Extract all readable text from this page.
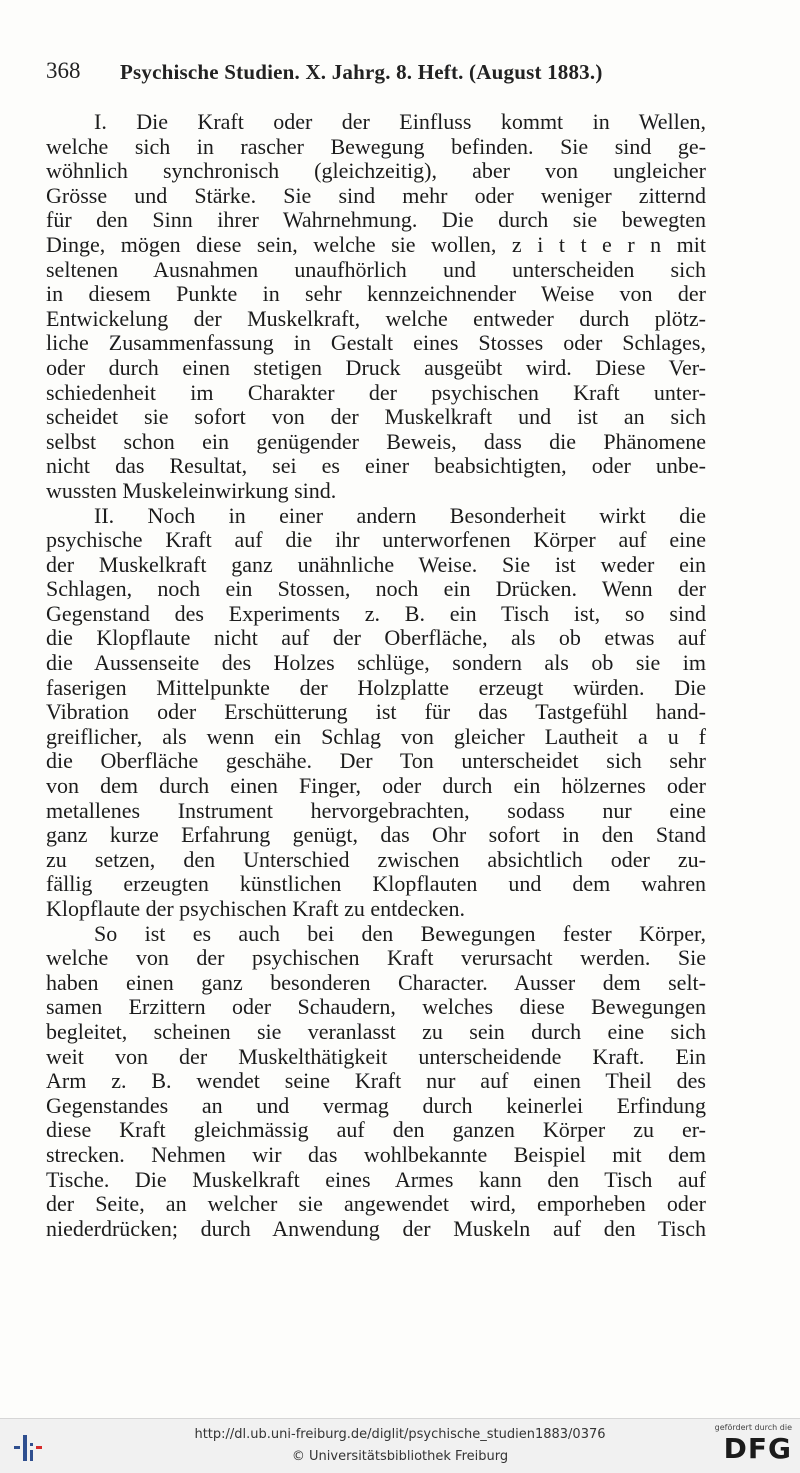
368 Psychische Studien. X. Jahrg. 8. Heft. (August 1883.)
I. Die Kraft oder der Einfluss kommt in Wellen,
welche sich in rascher Bewegung befinden. Sie sind ge-
wöhnlich synchronisch (gleichzeitig), aber von ungleicher
Grösse und Stärke. Sie sind mehr oder weniger zitternd
für den Sinn ihrer Wahrnehmung. Die durch sie bewegten
Dinge, mögen diese sein, welche sie wollen, z i t t e r n mit
seltenen Ausnahmen unaufhörlich und unterscheiden sich
in diesem Punkte in sehr kennzeichnender Weise von der
Entwickelung der Muskelkraft, welche entweder durch plötz-
liche Zusammenfassung in Gestalt eines Stosses oder Schlages,
oder durch einen stetigen Druck ausgeübt wird. Diese Ver-
schiedenheit im Charakter der psychischen Kraft unter-
scheidet sie sofort von der Muskelkraft und ist an sich
selbst schon ein genügender Beweis, dass die Phänomene
nicht das Resultat, sei es einer beabsichtigten, oder unbe-
wussten Muskeleinwirkung sind.
II. Noch in einer andern Besonderheit wirkt die
psychische Kraft auf die ihr unterworfenen Körper auf eine
der Muskelkraft ganz unähnliche Weise. Sie ist weder ein
Schlagen, noch ein Stossen, noch ein Drücken. Wenn der
Gegenstand des Experiments z. B. ein Tisch ist, so sind
die Klopflaute nicht auf der Oberfläche, als ob etwas auf
die Aussenseite des Holzes schlüge, sondern als ob sie im
faserigen Mittelpunkte der Holzplatte erzeugt würden. Die
Vibration oder Erschütterung ist für das Tastgefühl hand-
greiflicher, als wenn ein Schlag von gleicher Lautheit a u f
die Oberfläche geschähe. Der Ton unterscheidet sich sehr
von dem durch einen Finger, oder durch ein hölzernes oder
metallenes Instrument hervorgebrachten, sodass nur eine
ganz kurze Erfahrung genügt, das Ohr sofort in den Stand
zu setzen, den Unterschied zwischen absichtlich oder zu-
fällig erzeugten künstlichen Klopflauten und dem wahren
Klopflaute der psychischen Kraft zu entdecken.
So ist es auch bei den Bewegungen fester Körper,
welche von der psychischen Kraft verursacht werden. Sie
haben einen ganz besonderen Character. Ausser dem selt-
samen Erzittern oder Schaudern, welches diese Bewegungen
begleitet, scheinen sie veranlasst zu sein durch eine sich
weit von der Muskelthätigkeit unterscheidende Kraft. Ein
Arm z. B. wendet seine Kraft nur auf einen Theil des
Gegenstandes an und vermag durch keinerlei Erfindung
diese Kraft gleichmässig auf den ganzen Körper zu er-
strecken. Nehmen wir das wohlbekannte Beispiel mit dem
Tische. Die Muskelkraft eines Armes kann den Tisch auf
der Seite, an welcher sie angewendet wird, emporheben oder
niederdrücken; durch Anwendung der Muskeln auf den Tisch
http://dl.ub.uni-freiburg.de/diglit/psychische_studien1883/0376
© Universitätsbibliothek Freiburg
gefördert durch die
DFG
